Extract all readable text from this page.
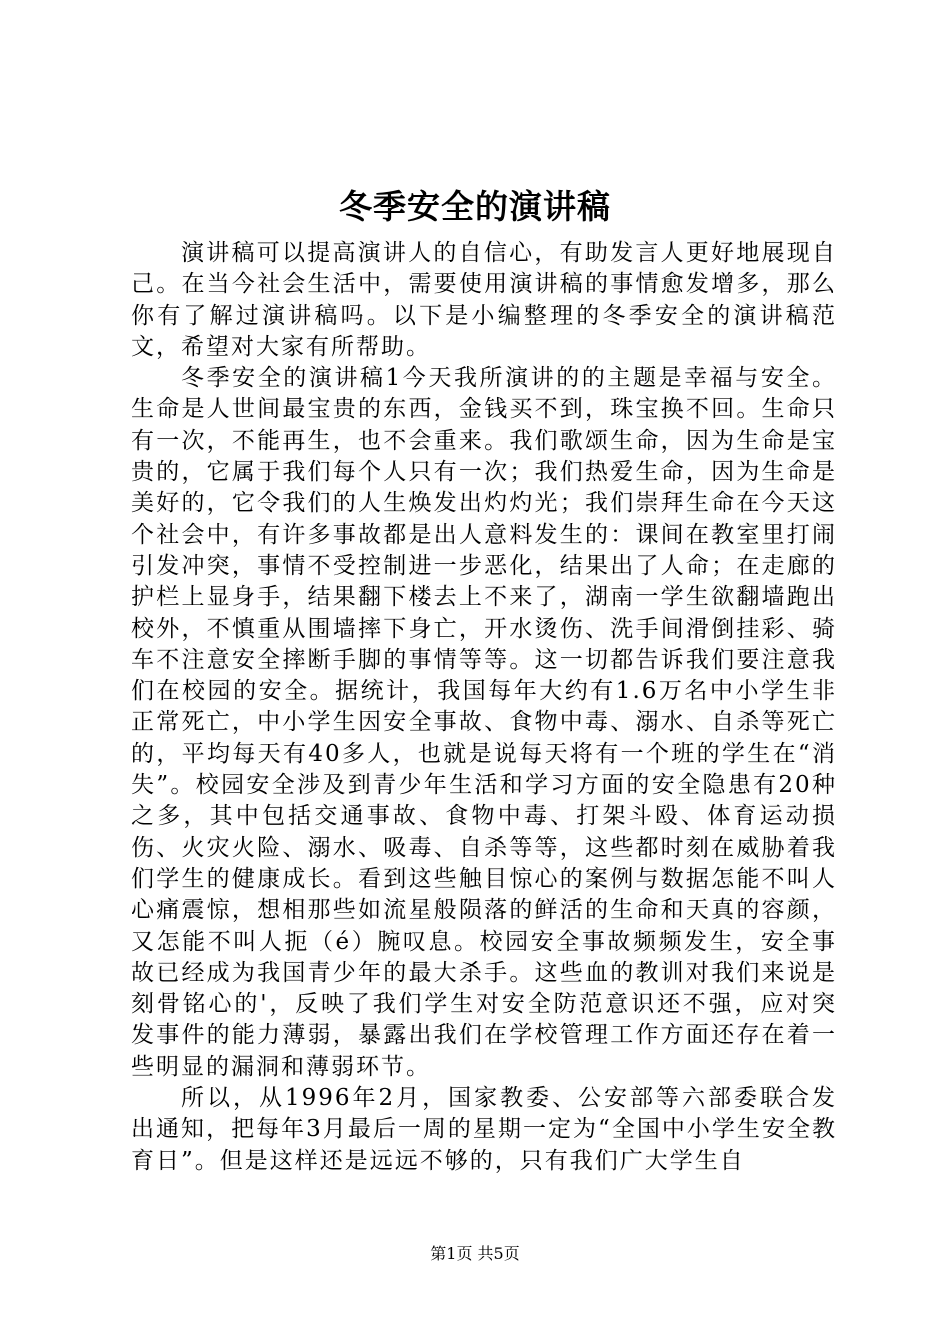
冬季安全的演讲稿

演讲稿可以提高演讲人的自信心，有助发言人更好地展现自己。在当今社会生活中，需要使用演讲稿的事情愈发增多，那么你有了解过演讲稿吗。以下是小编整理的冬季安全的演讲稿范文，希望对大家有所帮助。

冬季安全的演讲稿1今天我所演讲的的主题是幸福与安全。生命是人世间最宝贵的东西，金钱买不到，珠宝换不回。生命只有一次，不能再生，也不会重来。我们歌颂生命，因为生命是宝贵的，它属于我们每个人只有一次；我们热爱生命，因为生命是美好的，它令我们的人生焕发出灼灼光；我们崇拜生命在今天这个社会中，有许多事故都是出人意料发生的：课间在教室里打闹引发冲突，事情不受控制进一步恶化，结果出了人命；在走廊的护栏上显身手，结果翻下楼去上不来了，湖南一学生欲翻墙跑出校外，不慎重从围墙摔下身亡，开水烫伤、洗手间滑倒挂彩、骑车不注意安全摔断手脚的事情等等。这一切都告诉我们要注意我们在校园的安全。据统计，我国每年大约有1.6万名中小学生非正常死亡，中小学生因安全事故、食物中毒、溺水、自杀等死亡的，平均每天有40多人，也就是说每天将有一个班的学生在“消失”。校园安全涉及到青少年生活和学习方面的安全隐患有20种之多，其中包括交通事故、食物中毒、打架斗殴、体育运动损伤、火灾火险、溺水、吸毒、自杀等等，这些都时刻在威胁着我们学生的健康成长。看到这些触目惊心的案例与数据怎能不叫人心痛震惊，想相那些如流星般陨落的鲜活的生命和天真的容颜，又怎能不叫人扼（é）腕叹息。校园安全事故频频发生，安全事故已经成为我国青少年的最大杀手。这些血的教训对我们来说是刻骨铭心的'，反映了我们学生对安全防范意识还不强，应对突发事件的能力薄弱，暴露出我们在学校管理工作方面还存在着一些明显的漏洞和薄弱环节。

所以，从1996年2月，国家教委、公安部等六部委联合发出通知，把每年3月最后一周的星期一定为“全国中小学生安全教育日”。但是这样还是远远不够的，只有我们广大学生自

第1页 共5页
